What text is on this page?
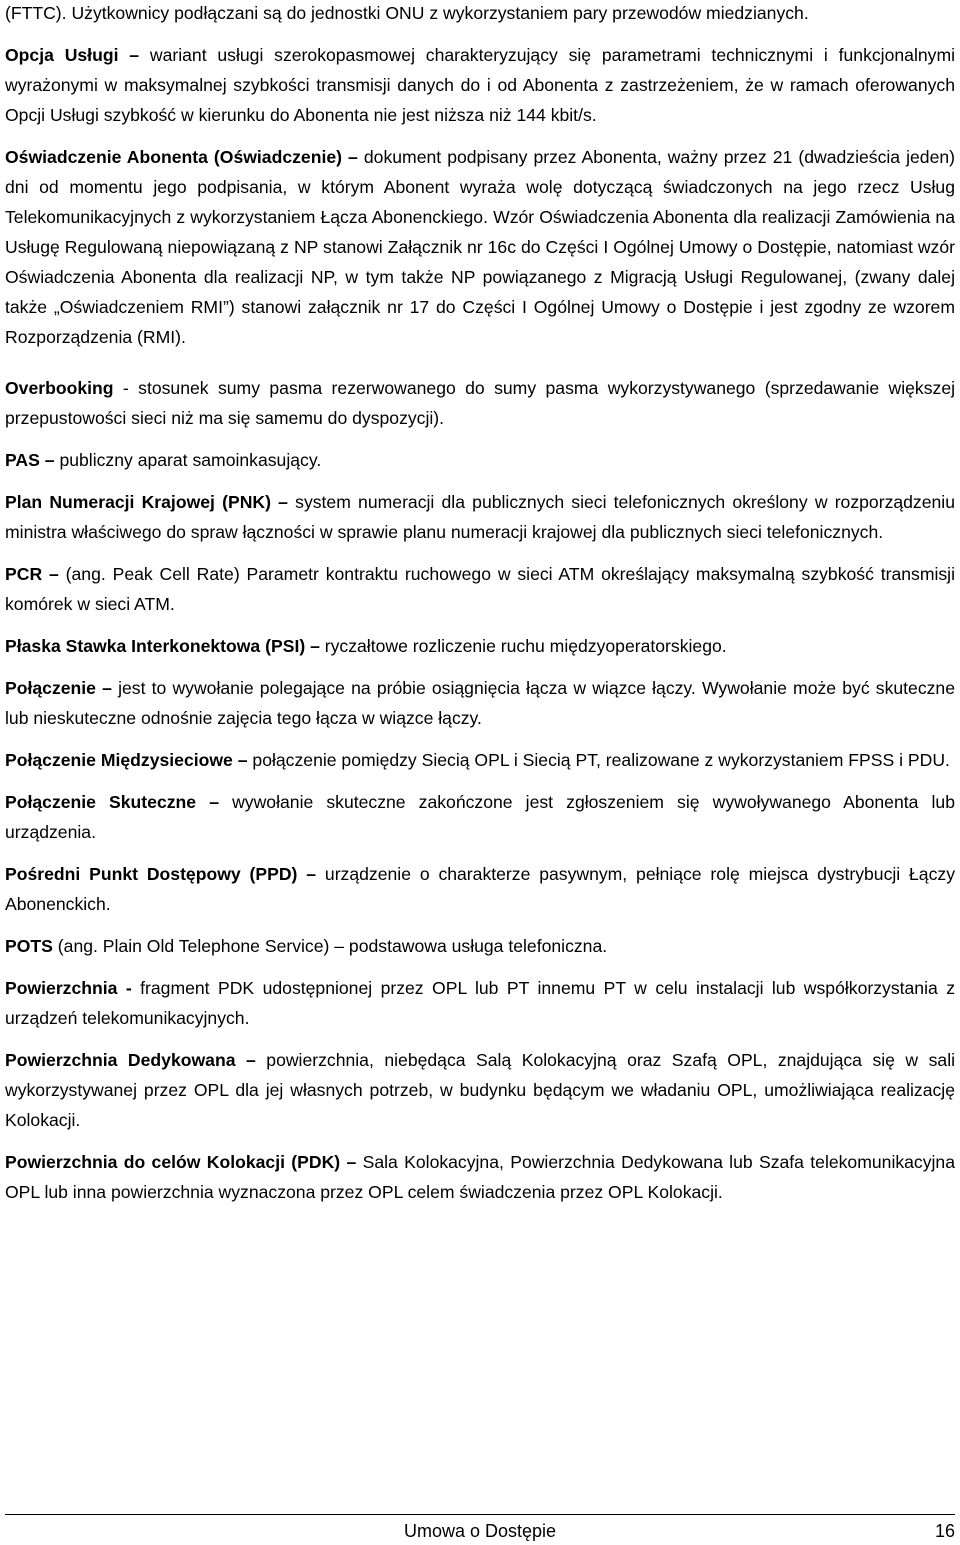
(FTTC). Użytkownicy podłączani są do jednostki ONU z wykorzystaniem pary przewodów miedzianych.

Opcja Usługi – wariant usługi szerokopasmowej charakteryzujący się parametrami technicznymi i funkcjonalnymi wyrażonymi w maksymalnej szybkości transmisji danych do i od Abonenta z zastrzeżeniem, że w ramach oferowanych Opcji Usługi szybkość w kierunku do Abonenta nie jest niższa niż 144 kbit/s.

Oświadczenie Abonenta (Oświadczenie) – dokument podpisany przez Abonenta, ważny przez 21 (dwadzieścia jeden) dni od momentu jego podpisania, w którym Abonent wyraża wolę dotyczącą świadczonych na jego rzecz Usług Telekomunikacyjnych z wykorzystaniem Łącza Abonenckiego. Wzór Oświadczenia Abonenta dla realizacji Zamówienia na Usługę Regulowaną niepowiązaną z NP stanowi Załącznik nr 16c do Części I Ogólnej Umowy o Dostępie, natomiast wzór Oświadczenia Abonenta dla realizacji NP, w tym także NP powiązanego z Migracją Usługi Regulowanej, (zwany dalej także „Oświadczeniem RMI”) stanowi załącznik nr 17 do Części I Ogólnej Umowy o Dostępie i jest zgodny ze wzorem Rozporządzenia (RMI).

Overbooking - stosunek sumy pasma rezerwowanego do sumy pasma wykorzystywanego (sprzedawanie większej przepustowości sieci niż ma się samemu do dyspozycji).

PAS – publiczny aparat samoinkasujący.

Plan Numeracji Krajowej (PNK) – system numeracji dla publicznych sieci telefonicznych określony w rozporządzeniu ministra właściwego do spraw łączności w sprawie planu numeracji krajowej dla publicznych sieci telefonicznych.

PCR – (ang. Peak Cell Rate) Parametr kontraktu ruchowego w sieci ATM określający maksymalną szybkość transmisji komórek w sieci ATM.

Płaska Stawka Interkonektowa (PSI) – ryczałtowe rozliczenie ruchu międzyoperatorskiego.

Połączenie – jest to wywołanie polegające na próbie osiągnięcia łącza w wiązce łączy. Wywołanie może być skuteczne lub nieskuteczne odnośnie zajęcia tego łącza w wiązce łączy.

Połączenie Międzysieciowe – połączenie pomiędzy Siecią OPL i Siecią PT, realizowane z wykorzystaniem FPSS i PDU.

Połączenie Skuteczne – wywołanie skuteczne zakończone jest zgłoszeniem się wywoływanego Abonenta lub urządzenia.

Pośredni Punkt Dostępowy (PPD) – urządzenie o charakterze pasywnym, pełniące rolę miejsca dystrybucji Łączy Abonenckich.

POTS (ang. Plain Old Telephone Service) – podstawowa usługa telefoniczna.

Powierzchnia - fragment PDK udostępnionej przez OPL lub PT innemu PT w celu instalacji lub współkorzystania z urządzeń telekomunikacyjnych.

Powierzchnia Dedykowana – powierzchnia, niebędąca Salą Kolokacyjną oraz Szafą OPL, znajdująca się w sali wykorzystywanej przez OPL dla jej własnych potrzeb, w budynku będącym we władaniu OPL, umożliwiająca realizację Kolokacji.

Powierzchnia do celów Kolokacji (PDK) – Sala Kolokacyjna, Powierzchnia Dedykowana lub Szafa telekomunikacyjna OPL lub inna powierzchnia wyznaczona przez OPL celem świadczenia przez OPL Kolokacji.

Umowa o Dostępie	16
